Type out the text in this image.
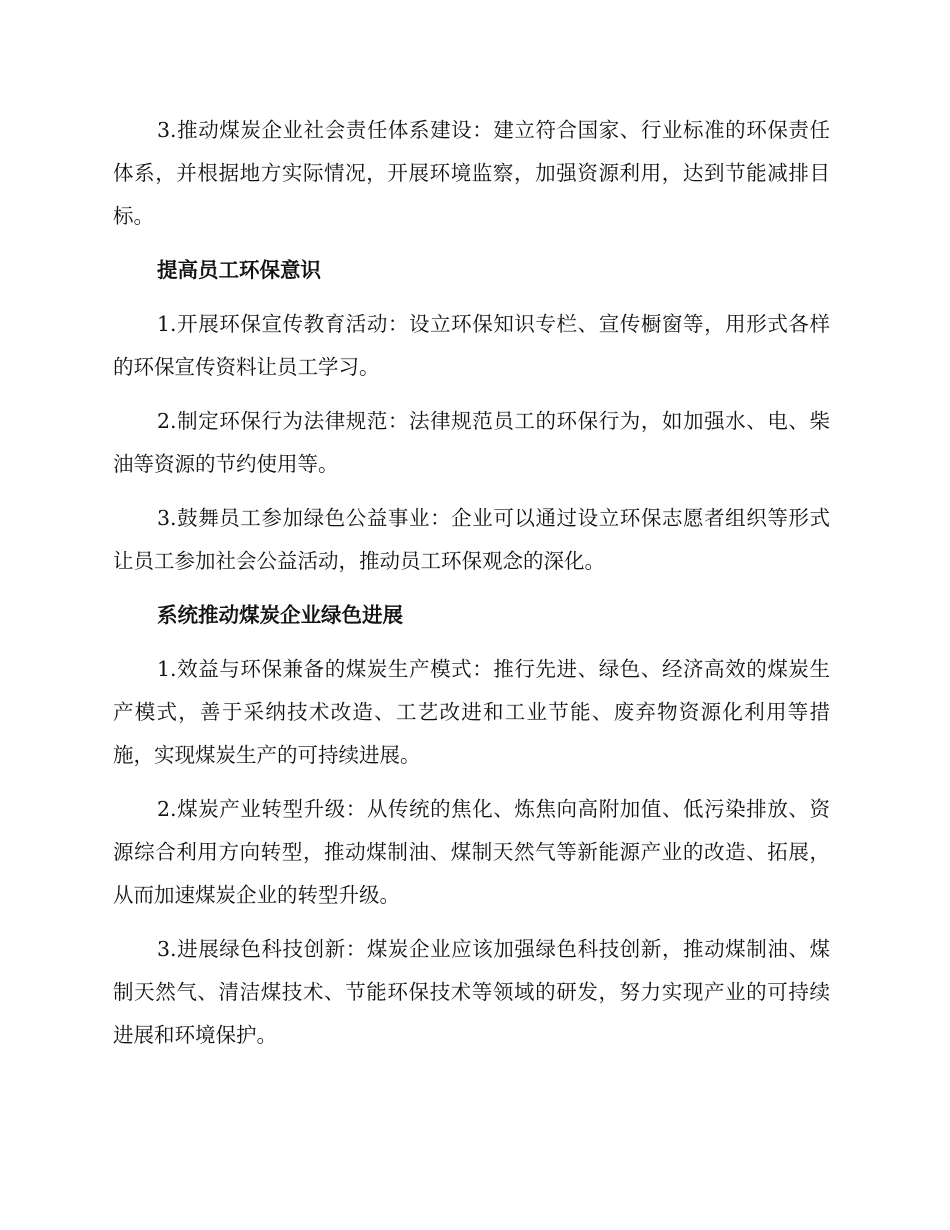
3.推动煤炭企业社会责任体系建设：建立符合国家、行业标准的环保责任体系，并根据地方实际情况，开展环境监察，加强资源利用，达到节能减排目标。

提高员工环保意识

1.开展环保宣传教育活动：设立环保知识专栏、宣传橱窗等，用形式各样的环保宣传资料让员工学习。

2.制定环保行为法律规范：法律规范员工的环保行为，如加强水、电、柴油等资源的节约使用等。

3.鼓舞员工参加绿色公益事业：企业可以通过设立环保志愿者组织等形式让员工参加社会公益活动，推动员工环保观念的深化。

系统推动煤炭企业绿色进展

1.效益与环保兼备的煤炭生产模式：推行先进、绿色、经济高效的煤炭生产模式，善于采纳技术改造、工艺改进和工业节能、废弃物资源化利用等措施，实现煤炭生产的可持续进展。

2.煤炭产业转型升级：从传统的焦化、炼焦向高附加值、低污染排放、资源综合利用方向转型，推动煤制油、煤制天然气等新能源产业的改造、拓展，从而加速煤炭企业的转型升级。

3.进展绿色科技创新：煤炭企业应该加强绿色科技创新，推动煤制油、煤制天然气、清洁煤技术、节能环保技术等领域的研发，努力实现产业的可持续进展和环境保护。
